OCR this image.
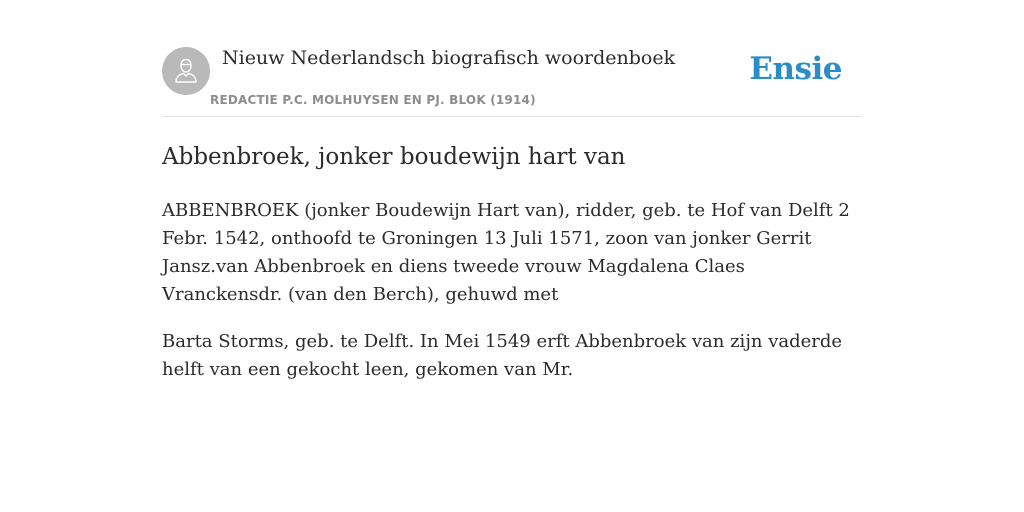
Nieuw Nederlandsch biografisch woordenboek
REDACTIE P.C. MOLHUYSEN EN PJ. BLOK (1914)
Ensie
Abbenbroek, jonker boudewijn hart van

ABBENBROEK (jonker Boudewijn Hart van), ridder, geb. te Hof van Delft 2 Febr. 1542, onthoofd te Groningen 13 Juli 1571, zoon van jonker Gerrit Jansz.van Abbenbroek en diens tweede vrouw Magdalena Claes Vranckensdr. (van den Berch), gehuwd met

Barta Storms, geb. te Delft. In Mei 1549 erft Abbenbroek van zijn vaderde helft van een gekocht leen, gekomen van Mr.
